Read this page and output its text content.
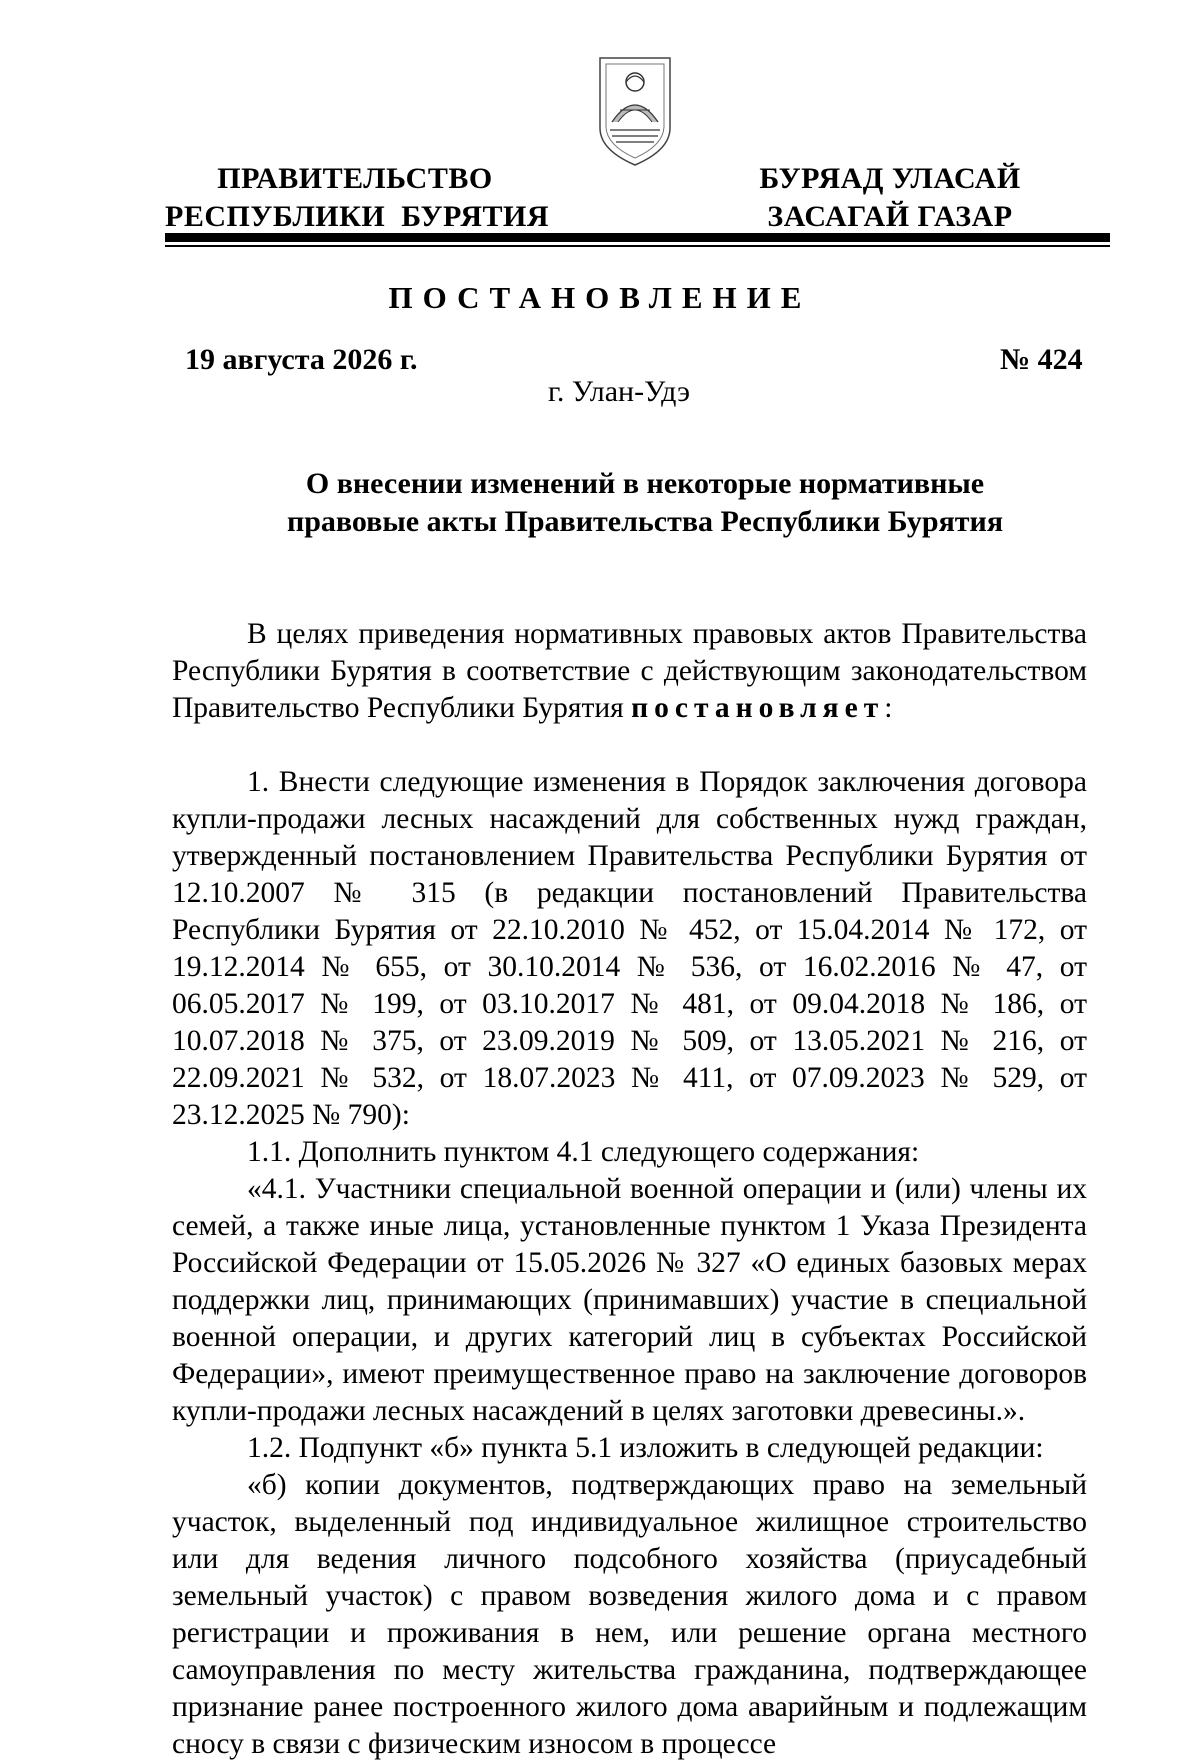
ПРАВИТЕЛЬСТВО
РЕСПУБЛИКИ  БУРЯТИЯ
БУРЯАД УЛАСАЙ
ЗАСАГАЙ ГАЗАР
ПОСТАНОВЛЕНИЕ
19 августа 2026 г.	№ 424
г. Улан-Удэ
О внесении изменений в некоторые нормативные
правовые акты Правительства Республики Бурятия

В целях приведения нормативных правовых актов Правительства Республики Бурятия в соответствие с действующим законодательством Правительство Республики Бурятия постановляет:

1. Внести следующие изменения в Порядок заключения договора купли-продажи лесных насаждений для собственных нужд граждан, утвержденный постановлением Правительства Республики Бурятия от 12.10.2007 № 315 (в редакции постановлений Правительства Республики Бурятия от 22.10.2010 № 452, от 15.04.2014 № 172, от 19.12.2014 № 655, от 30.10.2014 № 536, от 16.02.2016 № 47, от 06.05.2017 № 199, от 03.10.2017 № 481, от 09.04.2018 № 186, от 10.07.2018 № 375, от 23.09.2019 № 509, от 13.05.2021 № 216, от 22.09.2021 № 532, от 18.07.2023 № 411, от 07.09.2023 № 529, от 23.12.2025 № 790):

1.1. Дополнить пунктом 4.1 следующего содержания:

«4.1. Участники специальной военной операции и (или) члены их семей, а также иные лица, установленные пунктом 1 Указа Президента Российской Федерации от 15.05.2026 № 327 «О единых базовых мерах поддержки лиц, принимающих (принимавших) участие в специальной военной операции, и других категорий лиц в субъектах Российской Федерации», имеют преимущественное право на заключение договоров купли-продажи лесных насаждений в целях заготовки древесины.».

1.2. Подпункт «б» пункта 5.1 изложить в следующей редакции:

«б) копии документов, подтверждающих право на земельный участок, выделенный под индивидуальное жилищное строительство или для ведения личного подсобного хозяйства (приусадебный земельный участок) с правом возведения жилого дома и с правом регистрации и проживания в нем, или решение органа местного самоуправления по месту жительства гражданина, подтверждающее признание ранее построенного жилого дома аварийным и подлежащим сносу в связи с физическим износом в процессе
